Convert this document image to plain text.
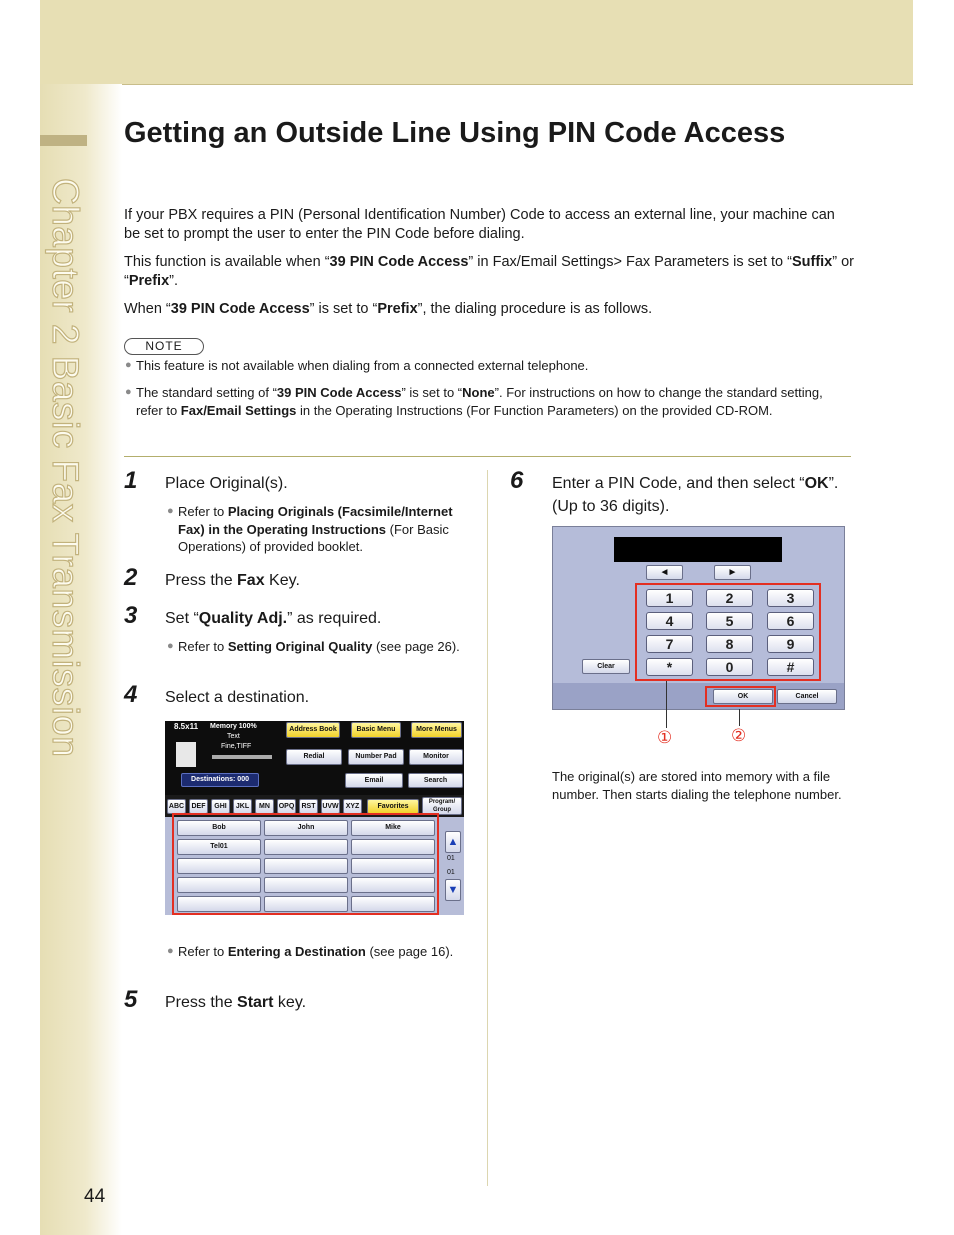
Chapter 2 Basic Fax Transmission
44
Getting an Outside Line Using PIN Code Access

If your PBX requires a PIN (Personal Identification Number) Code to access an external line, your machine can be set to prompt the user to enter the PIN Code before dialing.

This function is available when “39 PIN Code Access” in Fax/Email Settings> Fax Parameters is set to “Suffix” or “Prefix”.

When “39 PIN Code Access” is set to “Prefix”, the dialing procedure is as follows.

NOTE

● This feature is not available when dialing from a connected external telephone.

● The standard setting of “39 PIN Code Access” is set to “None”. For instructions on how to change the standard setting, refer to Fax/Email Settings in the Operating Instructions (For Function Parameters) on the provided CD-ROM.

1 Place Original(s).

● Refer to Placing Originals (Facsimile/Internet Fax) in the Operating Instructions (For Basic Operations) of provided booklet.

2 Press the Fax Key.

3 Set “Quality Adj.” as required.

● Refer to Setting Original Quality (see page 26).

4 Select a destination.

8.5x11 Memory 100%
Text
Fine,TIFF
Destinations: 000
Address Book	Basic Menu	More Menus
Redial	Number Pad	Monitor
Email	Search
ABC	DEF	GHI	JKL	MN	OPQ	RST UVW	XYZ	Favorites
Program/ Group
Bob	John	Mike
Tel01	▲
01
01
▼

● Refer to Entering a Destination (see page 16).

5 Press the Start key.

6 Enter a PIN Code, and then select “OK”. (Up to 36 digits).

◄	►
1	2	3
4	5	6
7	8	9
*	0	#
Clear
OK	Cancel
①	②

The original(s) are stored into memory with a file number. Then starts dialing the telephone number.
